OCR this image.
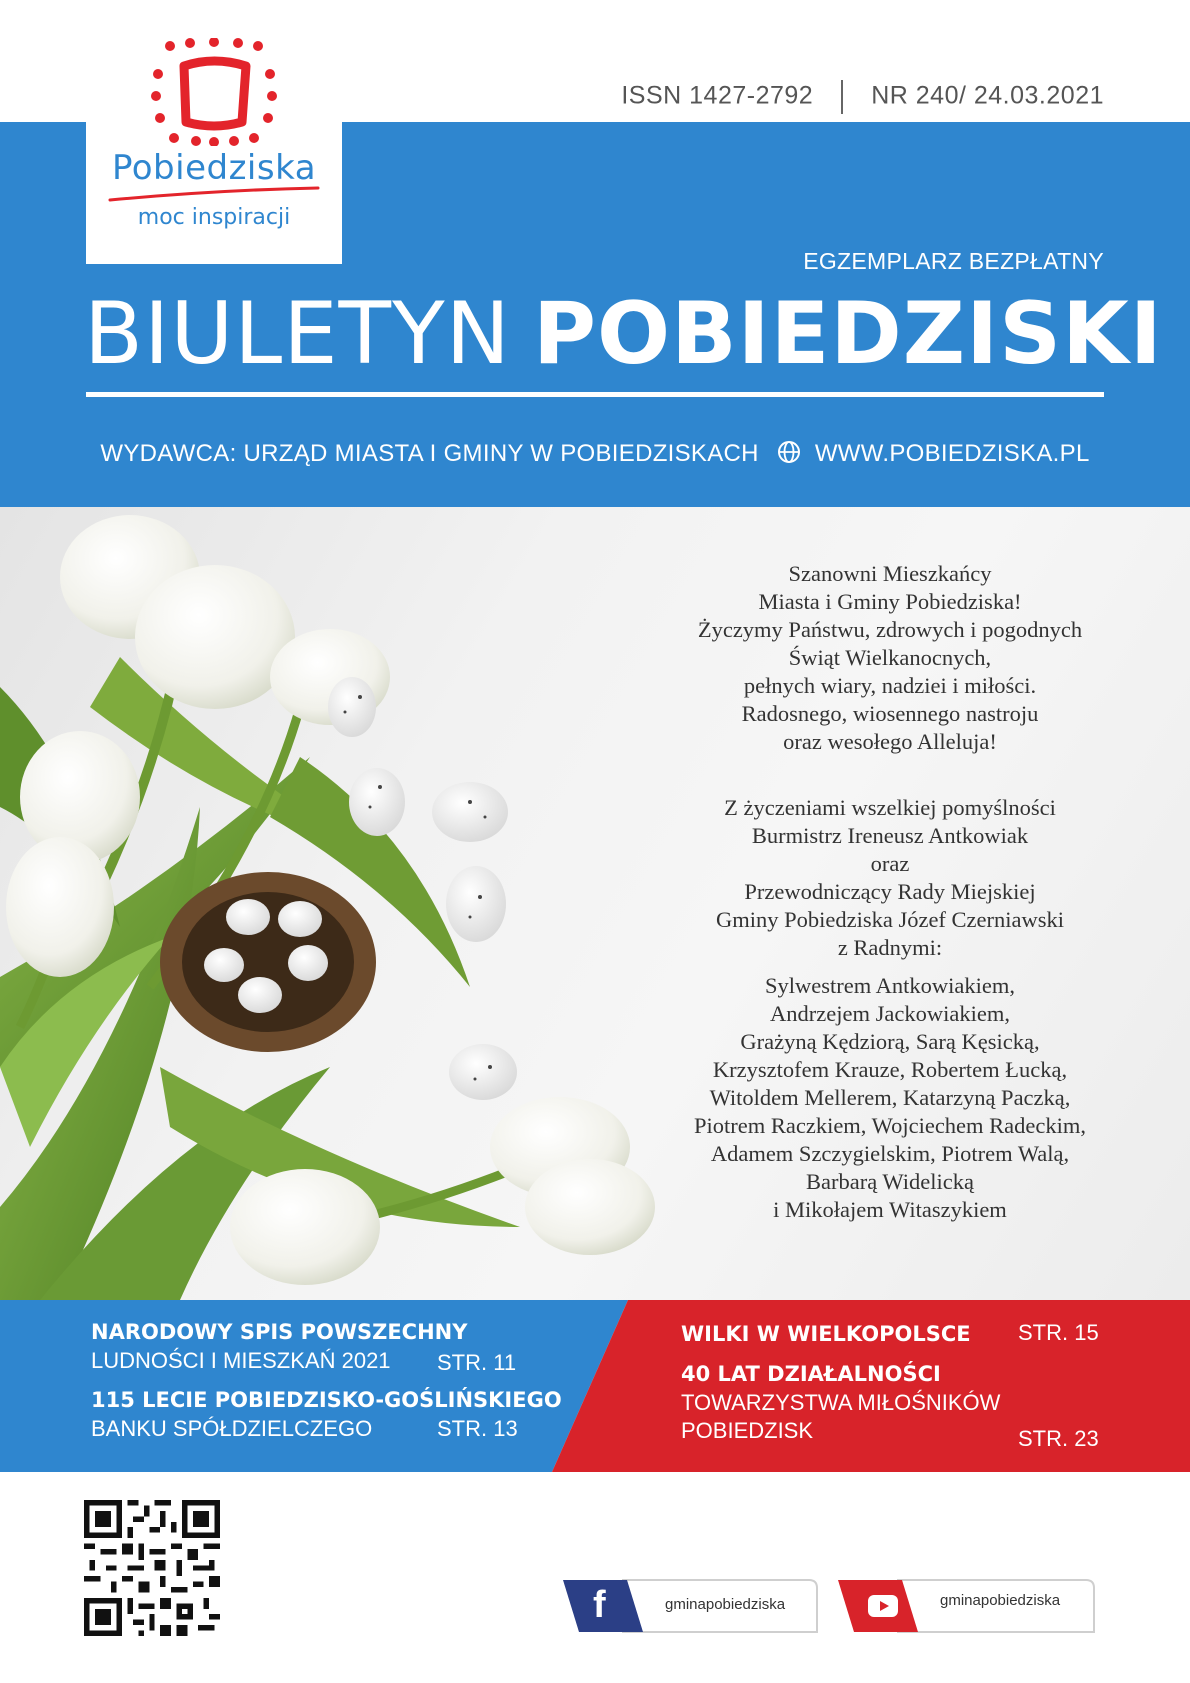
ISSN 1427-2792 NR 240/ 24.03.2021
Pobiedziska
moc inspiracji
EGZEMPLARZ BEZPŁATNY
BIULETYN POBIEDZISKI
WYDAWCA: URZĄD MIASTA I GMINY W POBIEDZISKACH WWW.POBIEDZISKA.PL

Szanowni Mieszkańcy

Miasta i Gminy Pobiedziska!

Życzymy Państwu, zdrowych i pogodnych

Świąt Wielkanocnych,

pełnych wiary, nadziei i miłości.

Radosnego, wiosennego nastroju

oraz wesołego Alleluja!

Z życzeniami wszelkiej pomyślności

Burmistrz Ireneusz Antkowiak

oraz

Przewodniczący Rady Miejskiej

Gminy Pobiedziska Józef Czerniawski

z Radnymi:

Sylwestrem Antkowiakiem,

Andrzejem Jackowiakiem,

Grażyną Kędziorą, Sarą Kęsicką,

Krzysztofem Krauze, Robertem Łucką,

Witoldem Mellerem, Katarzyną Paczką,

Piotrem Raczkiem, Wojciechem Radeckim,

Adamem Szczygielskim, Piotrem Walą,

Barbarą Widelicką

i Mikołajem Witaszykiem

NARODOWY SPIS POWSZECHNY
LUDNOŚCI I MIESZKAŃ 2021 STR. 11
115 LECIE POBIEDZISKO-GOŚLIŃSKIEGO
BANKU SPÓŁDZIELCZEGO	STR. 13
WILKI W WIELKOPOLSCE STR. 15
40 LAT DZIAŁALNOŚCI
TOWARZYSTWA MIŁOŚNIKÓW
POBIEDZISK	STR. 23
f	gminapobiedziska	gminapobiedziska
